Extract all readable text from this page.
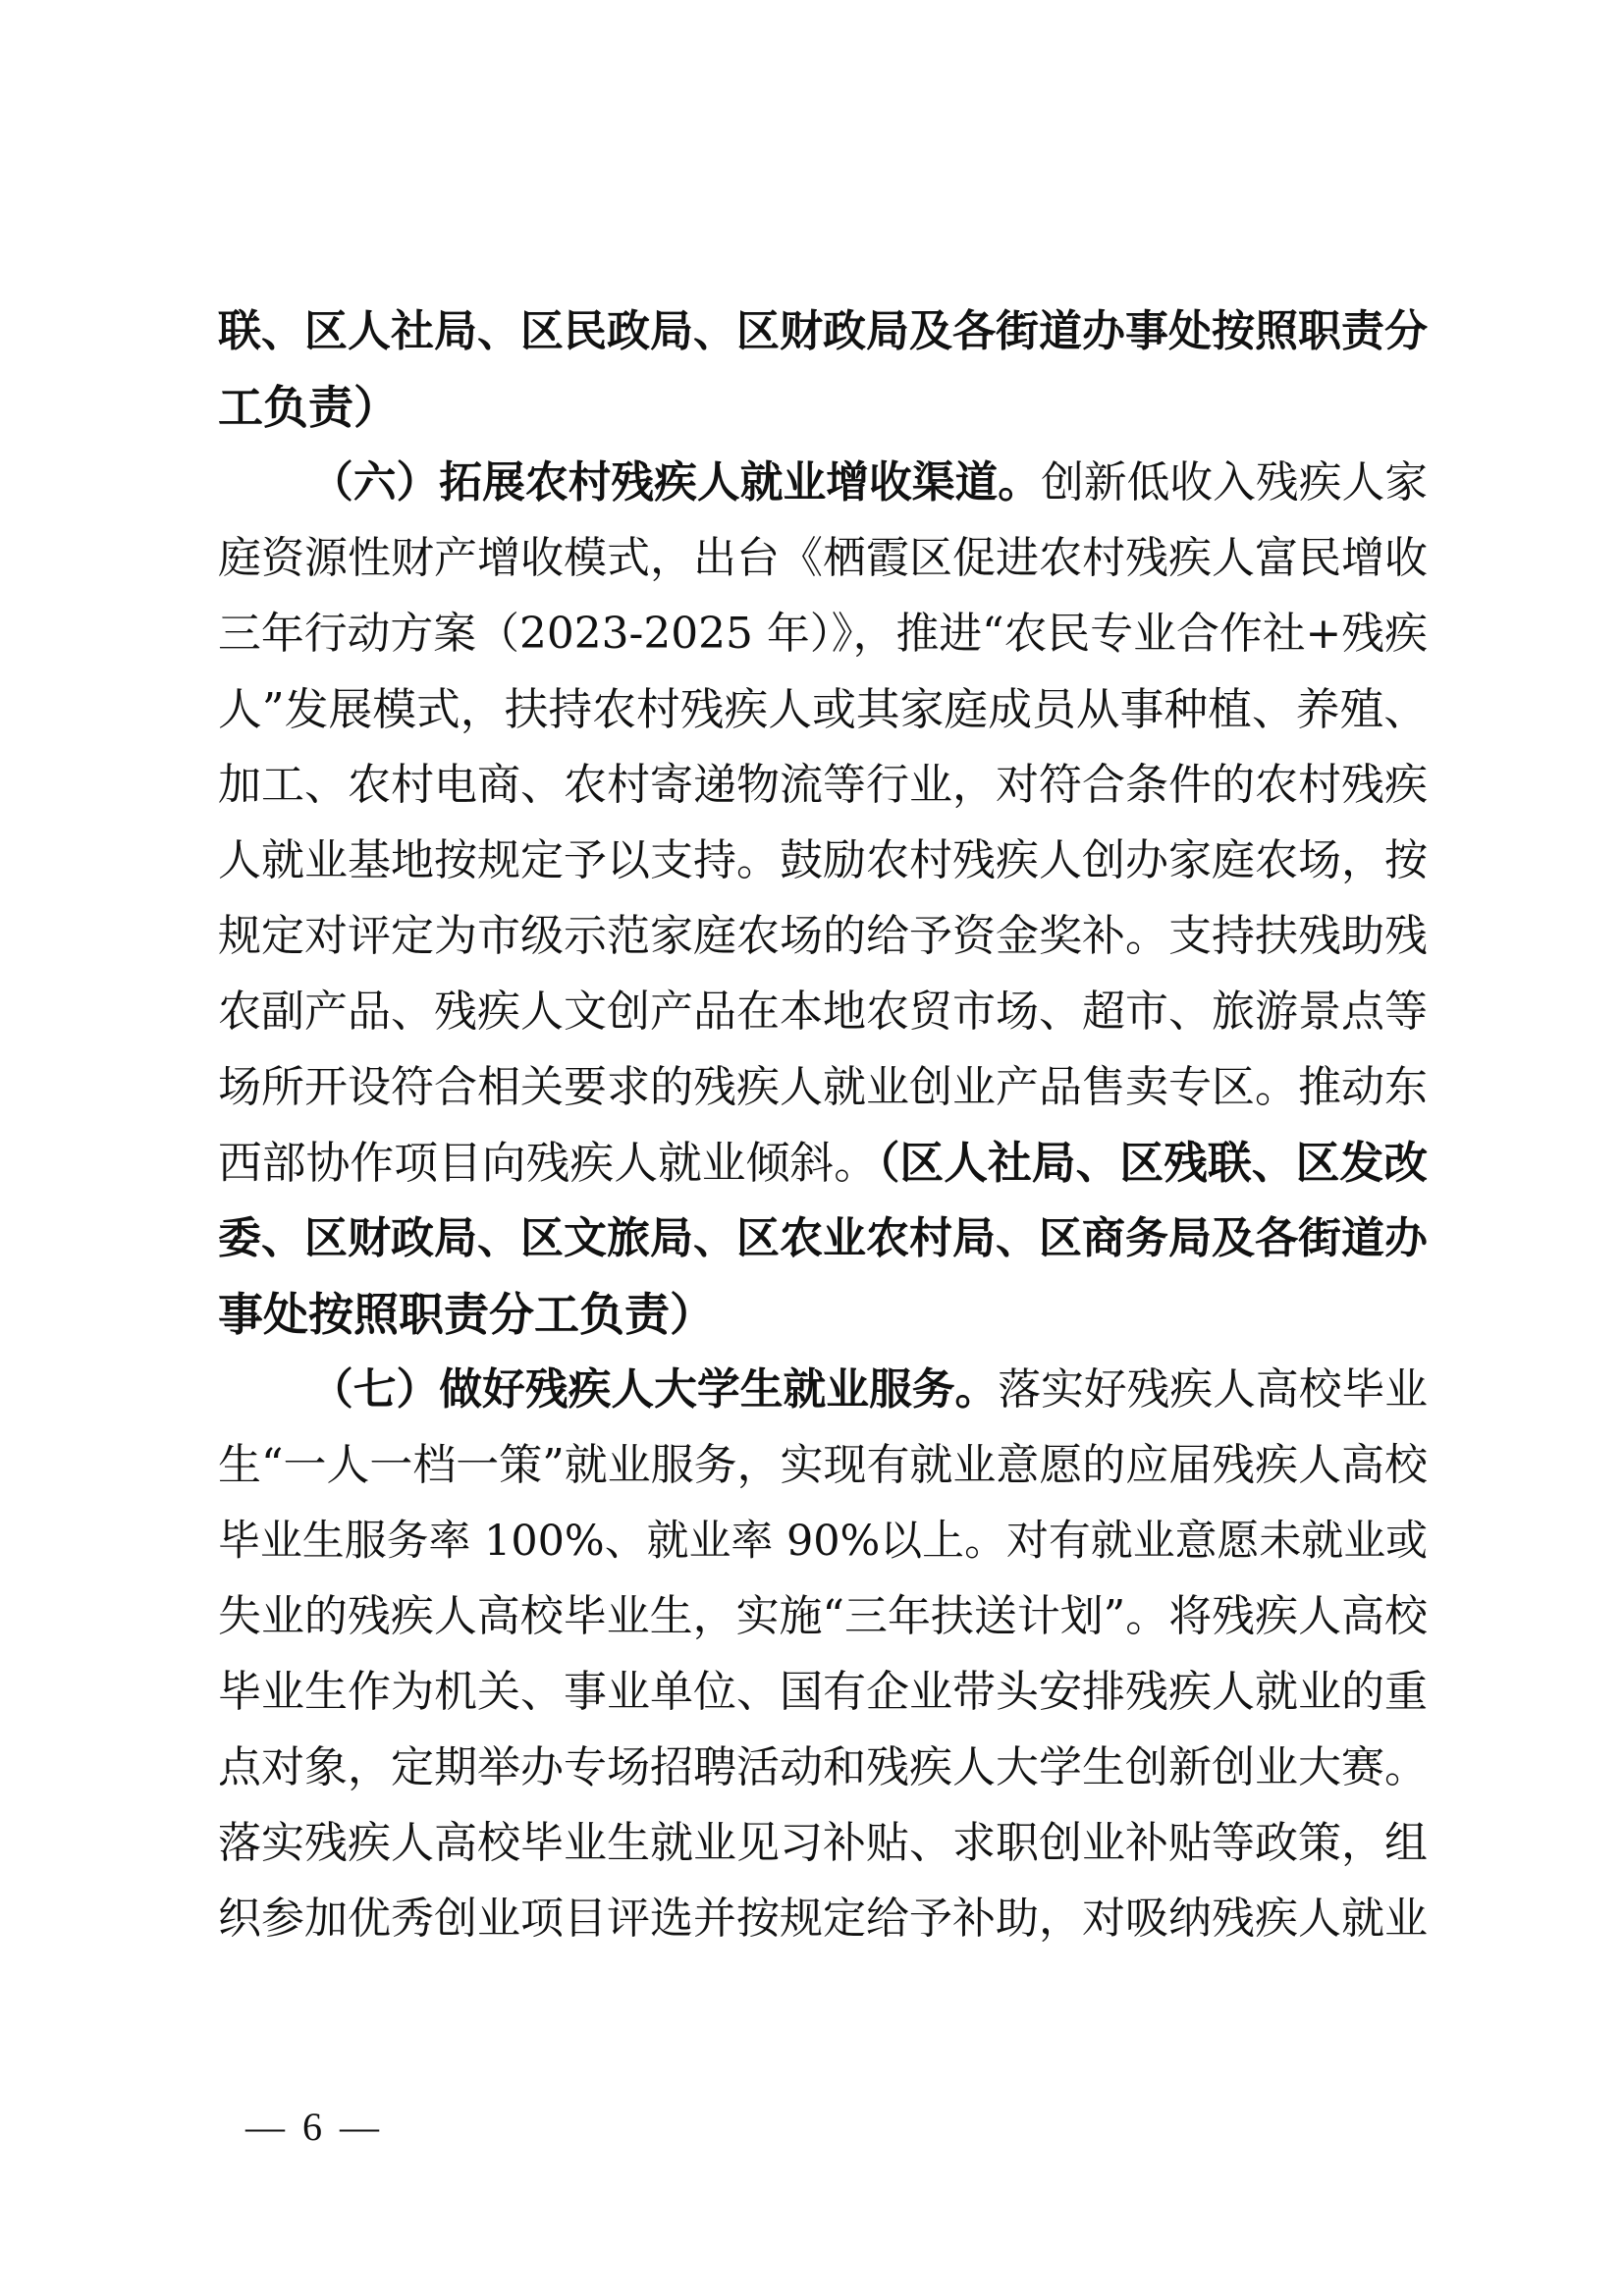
联、区人社局、区民政局、区财政局及各街道办事处按照职责分
工负责）
（六）拓展农村残疾人就业增收渠道。创新低收入残疾人家
庭资源性财产增收模式，出台《栖霞区促进农村残疾人富民增收
三年行动方案（2023-2025 年）》，推进“农民专业合作社+残疾
人”发展模式，扶持农村残疾人或其家庭成员从事种植、养殖、
加工、农村电商、农村寄递物流等行业，对符合条件的农村残疾
人就业基地按规定予以支持。鼓励农村残疾人创办家庭农场，按
规定对评定为市级示范家庭农场的给予资金奖补。支持扶残助残
农副产品、残疾人文创产品在本地农贸市场、超市、旅游景点等
场所开设符合相关要求的残疾人就业创业产品售卖专区。推动东
西部协作项目向残疾人就业倾斜。（区人社局、区残联、区发改
委、区财政局、区文旅局、区农业农村局、区商务局及各街道办
事处按照职责分工负责）
（七）做好残疾人大学生就业服务。落实好残疾人高校毕业
生“一人一档一策”就业服务，实现有就业意愿的应届残疾人高校
毕业生服务率 100%、就业率 90%以上。对有就业意愿未就业或
失业的残疾人高校毕业生，实施“三年扶送计划”。将残疾人高校
毕业生作为机关、事业单位、国有企业带头安排残疾人就业的重
点对象，定期举办专场招聘活动和残疾人大学生创新创业大赛。
落实残疾人高校毕业生就业见习补贴、求职创业补贴等政策，组
织参加优秀创业项目评选并按规定给予补助，对吸纳残疾人就业
— 6 —
